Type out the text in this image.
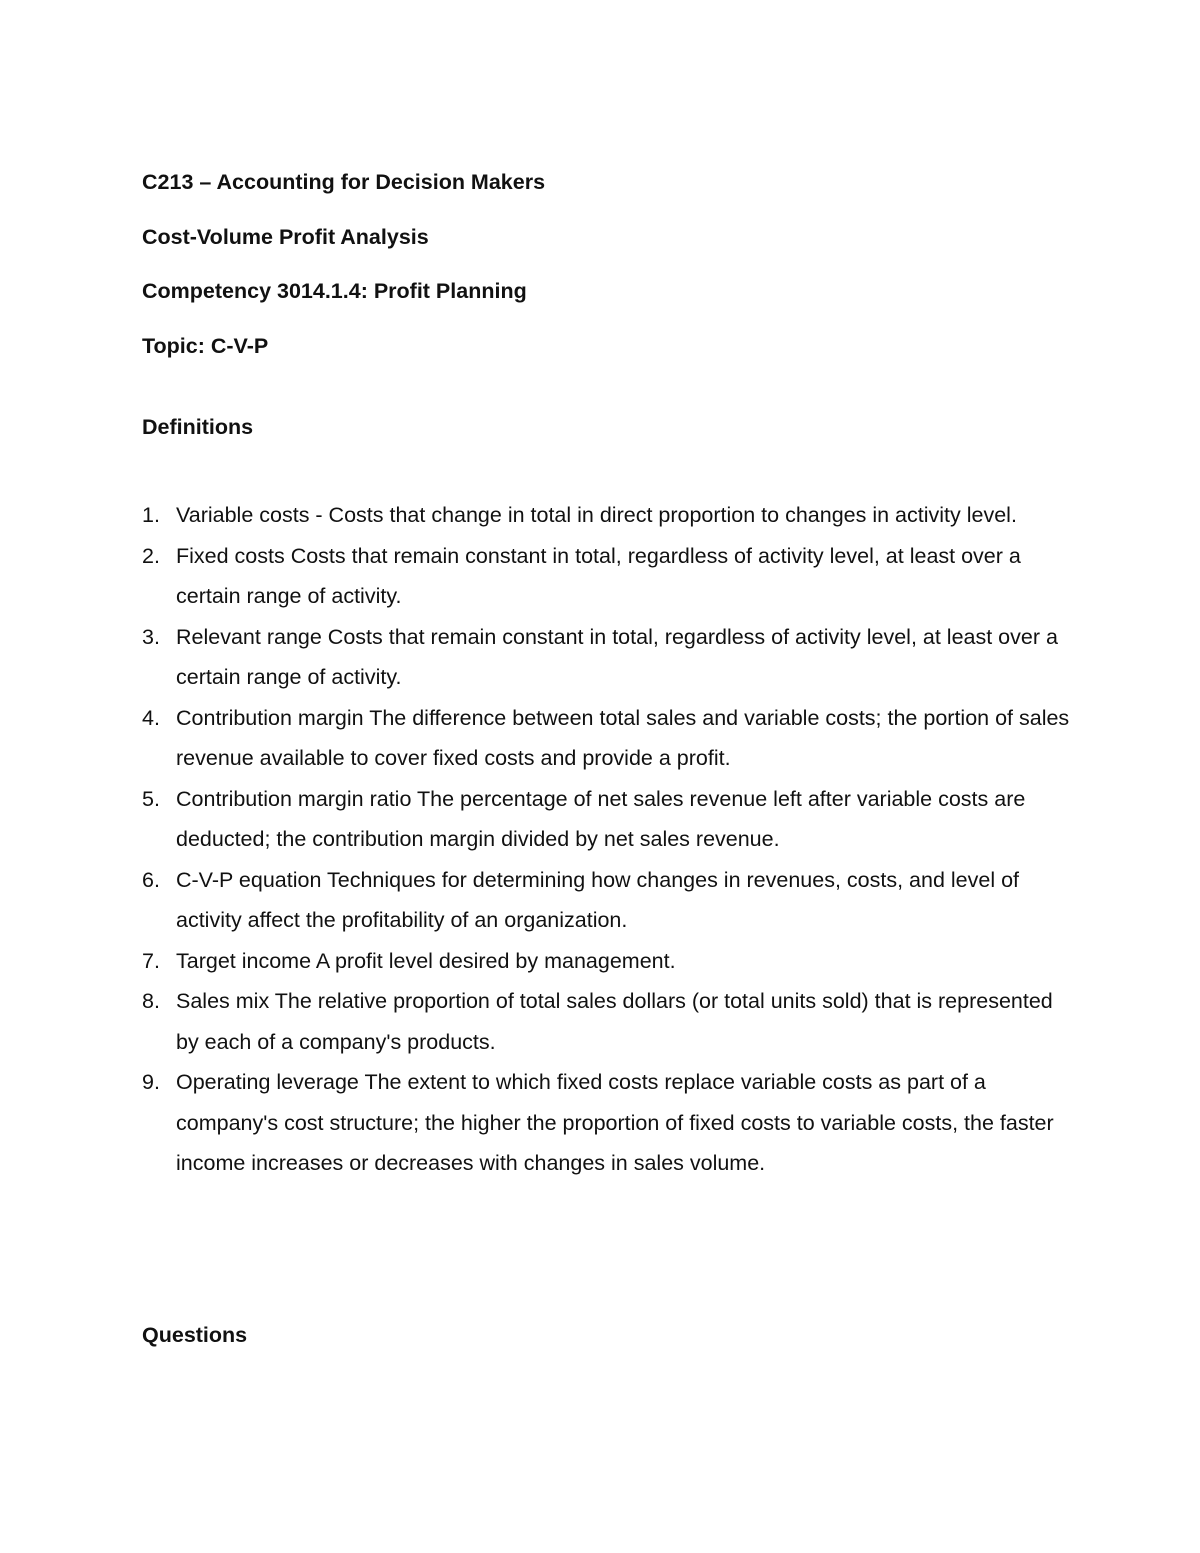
C213 – Accounting for Decision Makers

Cost-Volume Profit Analysis

Competency 3014.1.4: Profit Planning

Topic: C-V-P

Definitions

1. Variable costs - Costs that change in total in direct proportion to changes in activity level.
2. Fixed costs Costs that remain constant in total, regardless of activity level, at least over a certain range of activity.
3. Relevant range Costs that remain constant in total, regardless of activity level, at least over a certain range of activity.
4. Contribution margin The difference between total sales and variable costs; the portion of sales revenue available to cover fixed costs and provide a profit.
5. Contribution margin ratio The percentage of net sales revenue left after variable costs are deducted; the contribution margin divided by net sales revenue.
6. C-V-P equation Techniques for determining how changes in revenues, costs, and level of activity affect the profitability of an organization.
7. Target income A profit level desired by management.
8. Sales mix The relative proportion of total sales dollars (or total units sold) that is represented by each of a company's products.
9. Operating leverage The extent to which fixed costs replace variable costs as part of a company's cost structure; the higher the proportion of fixed costs to variable costs, the faster income increases or decreases with changes in sales volume.

Questions
